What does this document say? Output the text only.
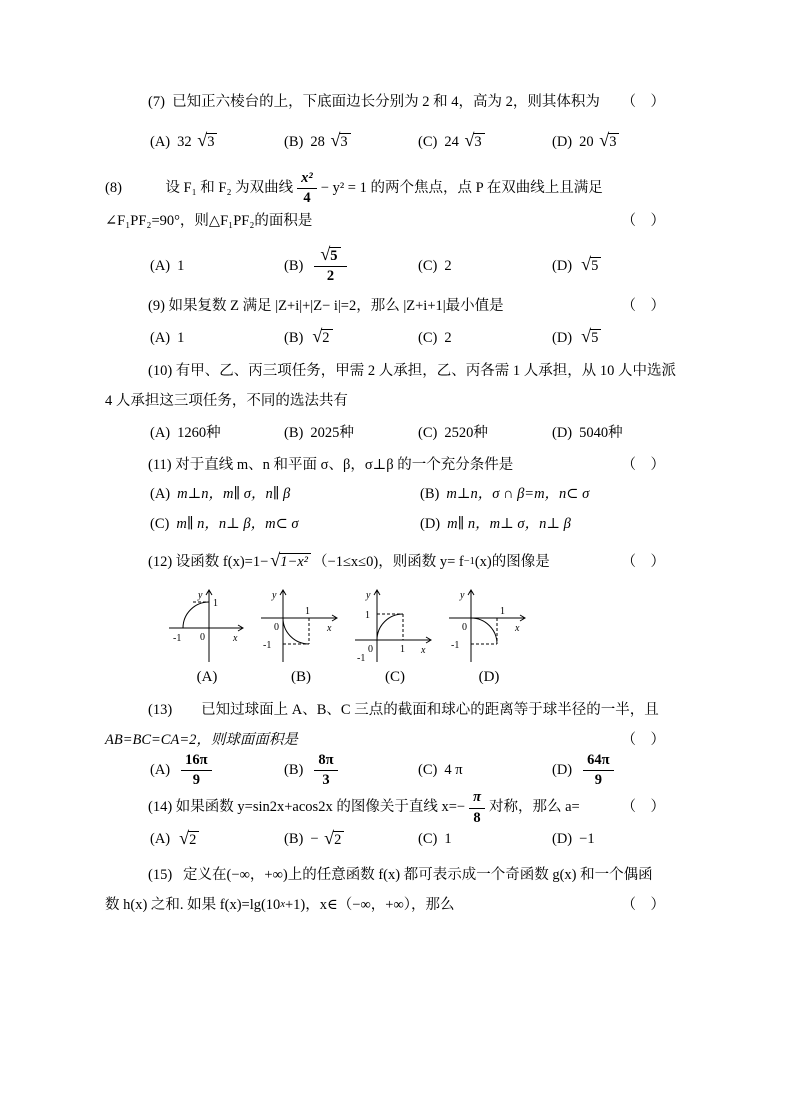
(7)  已知正六棱台的上，下底面边长分别为 2 和 4，高为 2，则其体积为 （    ）
(A) 32 √ 3	(B) 28 √ 3	(C) 24 √ 3	(D) 20 √ 3
(8)            设 F₁ 和 F₂ 为双曲线 $\frac{\text{x²}}{4} - y^2 = 1$ 的两个焦点，点 P 在双曲线上且满足
∠F₁PF₂=90°，则△F₁PF₂的面积是	（    ）
(A) 1	$(B) \frac{√ 5}{2}$	(C) 2	(D) √ 5
(9) 如果复数 Z 满足 |Z+i|+|Z− i|=2，那么 |Z+i+1|最小值是	（    ）
(A) 1	(B) √ 2	(C) 2	(D) √ 5
(10) 有甲、乙、丙三项任务，甲需 2 人承担，乙、丙各需 1 人承担，从 10 人中选派
4 人承担这三项任务，不同的选法共有
(A) 1260种	(B) 2025种	(C) 2520种	(D) 5040种
(11) 对于直线 m、n 和平面 σ、β，σ⊥β 的一个充分条件是	（    ）
(A) m⊥n，m∥ σ，n∥ β	(B) m⊥n，σ ∩ β=m，n⊂ σ
(C) m∥ n，n⊥ β，m⊂ σ	(D) m∥ n，m⊥ σ，n⊥ β
(12) 设函数 f(x)=1− √ 1−x² （−1≤x≤0)，则函数 y= f −1 (x)的图像是	（    ）
y
x
1
-1 0
(A)
y
x
1
-1
0
(B)
y
x
1
1
-1
0
(C)
y
x
1
-1
0
(D)
(13)        已知过球面上 A、B、C 三点的截面和球心的距离等于球半径的一半，且
AB=BC=CA=2，则球面面积是	（    ）
$(A) \frac{16\pi}{9}$	$(B) \frac{8\pi}{3}$	(C) 4 π	$(D) \frac{64\pi}{9}$
(14) 如果函数 y=sin2x+acos2x 的图像关于直线 $x=- \frac{\pi}{8}$ 对称，那么 a=	（    ）
(A) √ 2	(B) − √ 2	(C) 1	(D) −1
(15)   定义在(−∞，+∞)上的任意函数 f(x) 都可表示成一个奇函数 g(x) 和一个偶函
数 h(x) 之和. 如果 f(x)=lg(10 x +1)，x∈（−∞，+∞），那么	（    ）
